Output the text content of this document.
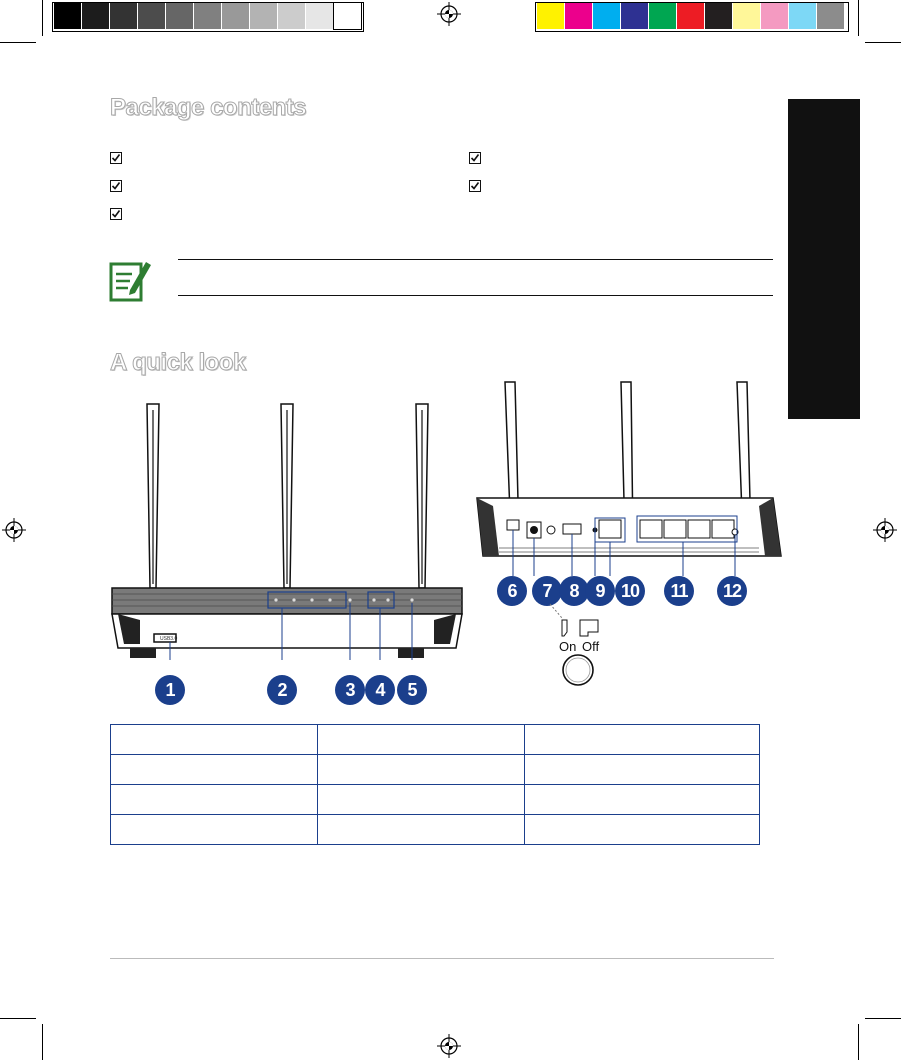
Package contents
A quick look
USB3.0
1	2	3	4	5
6	7 8 9 10	11	12
On Off
